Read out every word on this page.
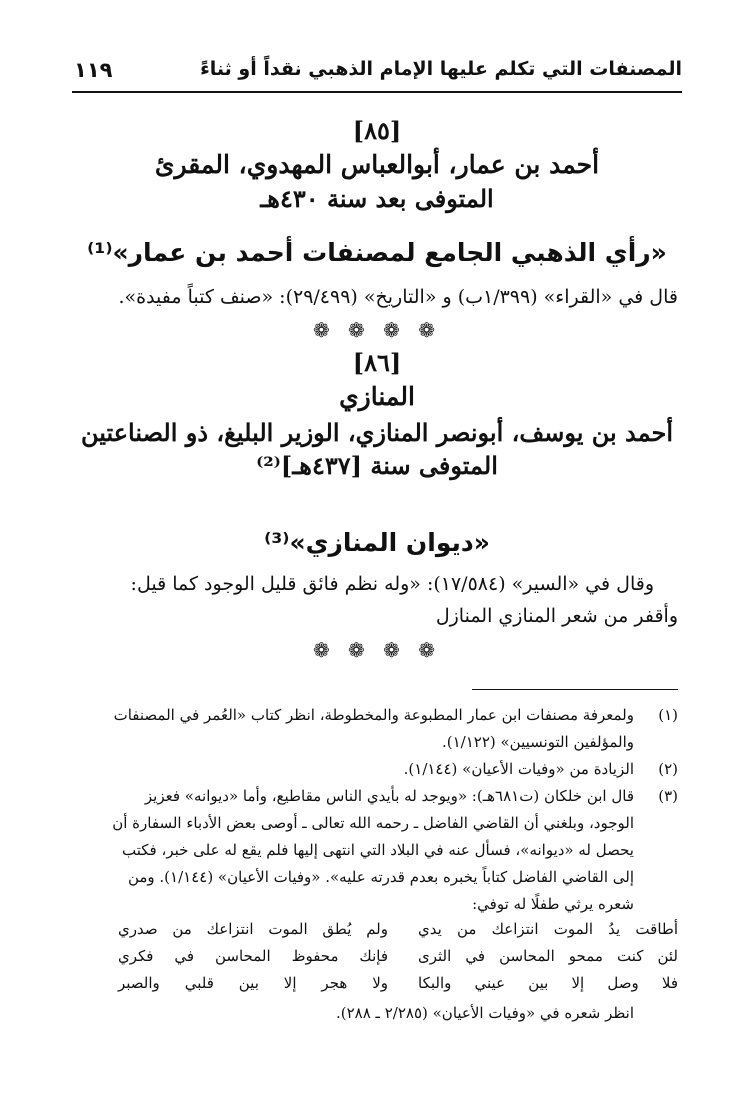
المصنفات التي تكلم عليها الإمام الذهبي نقداً أو ثناءً
١١٩
[٨٥]
أحمد بن عمار، أبوالعباس المهدوي، المقرئ
المتوفى بعد سنة ٤٣٠هـ
«رأي الذهبي الجامع لمصنفات أحمد بن عمار»⁽¹⁾
قال في «القراء» (١/٣٩٩ب) و «التاريخ» (٢٩/٤٩٩): «صنف كتباً مفيدة».
❁ ❁ ❁ ❁
[٨٦]
المنازي
أحمد بن يوسف، أبونصر المنازي، الوزير البليغ، ذو الصناعتين
المتوفى سنة [٤٣٧هـ]⁽²⁾
«ديوان المنازي»⁽³⁾
وقال في «السير» (١٧/٥٨٤): «وله نظم فائق قليل الوجود كما قيل:
وأقفر من شعر المنازي المنازل
❁ ❁ ❁ ❁
(١)
ولمعرفة مصنفات ابن عمار المطبوعة والمخطوطة، انظر كتاب «العُمر في المصنفات
والمؤلفين التونسيين» (١/١٢٢).
(٢)
الزيادة من «وفيات الأعيان» (١/١٤٤).
(٣)
قال ابن خلكان (ت٦٨١هـ): «ويوجد له بأيدي الناس مقاطيع، وأما «ديوانه» فعزيز
الوجود، وبلغني أن القاضي الفاضل ـ رحمه الله تعالى ـ أوصى بعض الأدباء السفارة أن
يحصل له «ديوانه»، فسأل عنه في البلاد التي انتهى إليها فلم يقع له على خبر، فكتب
إلى القاضي الفاضل كتاباً يخبره بعدم قدرته عليه». «وفيات الأعيان» (١/١٤٤). ومن
شعره يرثي طفلًا له توفي:
أطاقت يدُ الموت انتزاعك من يدي
ولم يُطق الموت انتزاعك من صدري
لئن كنت ممحو المحاسن في الثرى
فإنك محفوظ المحاسن في فكري
فلا وصل إلا بين عيني والبكا
ولا هجر إلا بين قلبي والصبر
انظر شعره في «وفيات الأعيان» (٢/٢٨٥ ـ ٢٨٨).
